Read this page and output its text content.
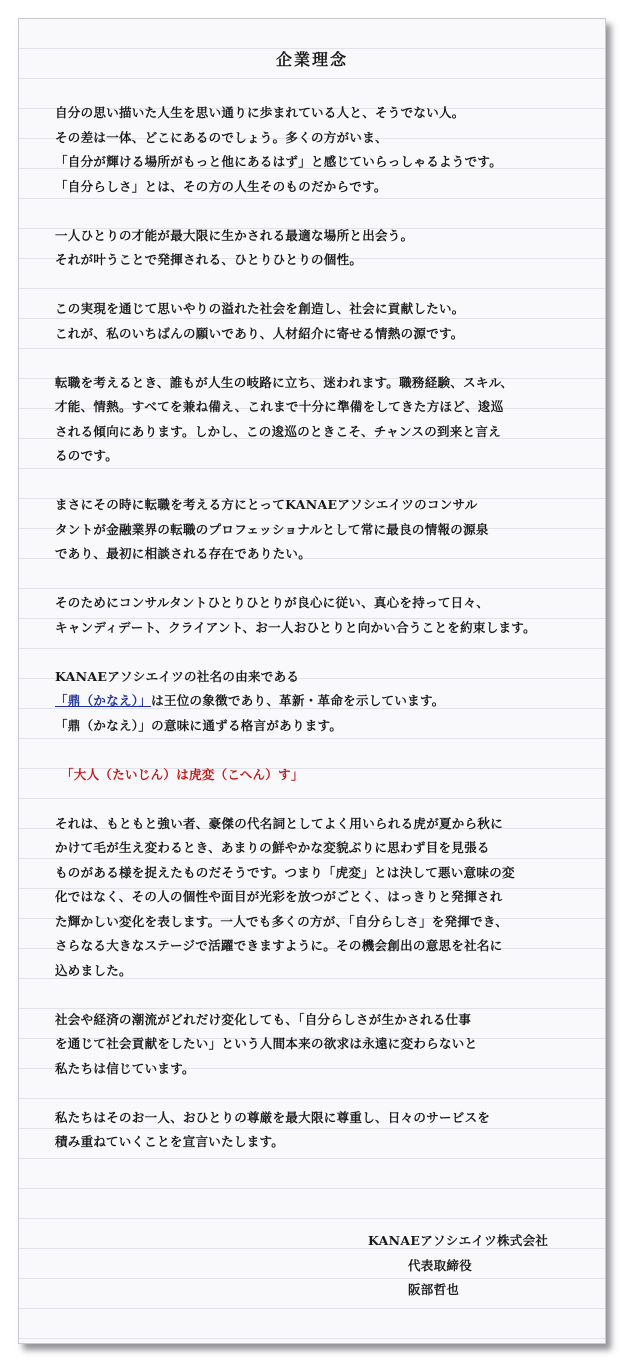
企業理念
自分の思い描いた人生を思い通りに歩まれている人と、そうでない人。
その差は一体、どこにあるのでしょう。多くの方がいま、
「自分が輝ける場所がもっと他にあるはず」と感じていらっしゃるようです。
「自分らしさ」とは、その方の人生そのものだからです。
一人ひとりの才能が最大限に生かされる最適な場所と出会う。
それが叶うことで発揮される、ひとりひとりの個性。
この実現を通じて思いやりの溢れた社会を創造し、社会に貢献したい。
これが、私のいちばんの願いであり、人材紹介に寄せる情熱の源です。
転職を考えるとき、誰もが人生の岐路に立ち、迷われます。職務経験、スキル、
才能、情熱。すべてを兼ね備え、これまで十分に準備をしてきた方ほど、逡巡
される傾向にあります。しかし、この逡巡のときこそ、チャンスの到来と言え
るのです。
まさにその時に転職を考える方にとってKANAEアソシエイツのコンサル
タントが金融業界の転職のプロフェッショナルとして常に最良の情報の源泉
であり、最初に相談される存在でありたい。
そのためにコンサルタントひとりひとりが良心に従い、真心を持って日々、
キャンディデート、クライアント、お一人おひとりと向かい合うことを約束します。
KANAEアソシエイツの社名の由来である
「鼎（かなえ）」は王位の象徴であり、革新・革命を示しています。
「鼎（かなえ）」の意味に通ずる格言があります。
「大人（たいじん）は虎変（こへん）す」
それは、もともと強い者、豪傑の代名詞としてよく用いられる虎が夏から秋に
かけて毛が生え変わるとき、あまりの鮮やかな変貌ぶりに思わず目を見張る
ものがある様を捉えたものだそうです。つまり「虎変」とは決して悪い意味の変
化ではなく、その人の個性や面目が光彩を放つがごとく、はっきりと発揮され
た輝かしい変化を表します。一人でも多くの方が、「自分らしさ」を発揮でき、
さらなる大きなステージで活躍できますように。その機会創出の意思を社名に
込めました。
社会や経済の潮流がどれだけ変化しても、「自分らしさが生かされる仕事
を通じて社会貢献をしたい」という人間本来の欲求は永遠に変わらないと
私たちは信じています。
私たちはそのお一人、おひとりの尊厳を最大限に尊重し、日々のサービスを
積み重ねていくことを宣言いたします。
KANAEアソシエイツ株式会社
代表取締役
阪部哲也
